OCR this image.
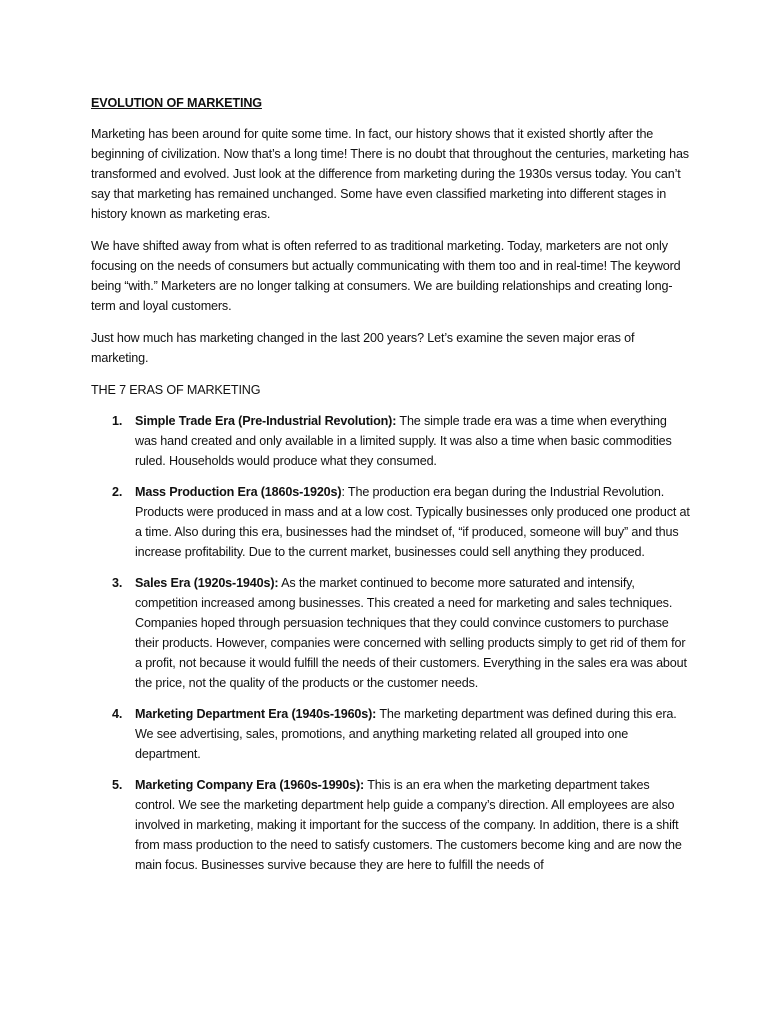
EVOLUTION OF MARKETING

Marketing has been around for quite some time. In fact, our history shows that it existed shortly after the beginning of civilization. Now that’s a long time! There is no doubt that throughout the centuries, marketing has transformed and evolved. Just look at the difference from marketing during the 1930s versus today. You can’t say that marketing has remained unchanged. Some have even classified marketing into different stages in history known as marketing eras.

We have shifted away from what is often referred to as traditional marketing. Today, marketers are not only focusing on the needs of consumers but actually communicating with them too and in real-time! The keyword being “with.” Marketers are no longer talking at consumers. We are building relationships and creating long-term and loyal customers.

Just how much has marketing changed in the last 200 years? Let’s examine the seven major eras of marketing.

THE 7 ERAS OF MARKETING
1. Simple Trade Era (Pre-Industrial Revolution): The simple trade era was a time when everything was hand created and only available in a limited supply. It was also a time when basic commodities ruled. Households would produce what they consumed.
2. Mass Production Era (1860s-1920s): The production era began during the Industrial Revolution. Products were produced in mass and at a low cost. Typically businesses only produced one product at a time. Also during this era, businesses had the mindset of, “if produced, someone will buy” and thus increase profitability. Due to the current market, businesses could sell anything they produced.
3. Sales Era (1920s-1940s): As the market continued to become more saturated and intensify, competition increased among businesses. This created a need for marketing and sales techniques. Companies hoped through persuasion techniques that they could convince customers to purchase their products. However, companies were concerned with selling products simply to get rid of them for a profit, not because it would fulfill the needs of their customers. Everything in the sales era was about the price, not the quality of the products or the customer needs.
4. Marketing Department Era (1940s-1960s): The marketing department was defined during this era. We see advertising, sales, promotions, and anything marketing related all grouped into one department.
5. Marketing Company Era (1960s-1990s): This is an era when the marketing department takes control. We see the marketing department help guide a company’s direction. All employees are also involved in marketing, making it important for the success of the company. In addition, there is a shift from mass production to the need to satisfy customers. The customers become king and are now the main focus. Businesses survive because they are here to fulfill the needs of
